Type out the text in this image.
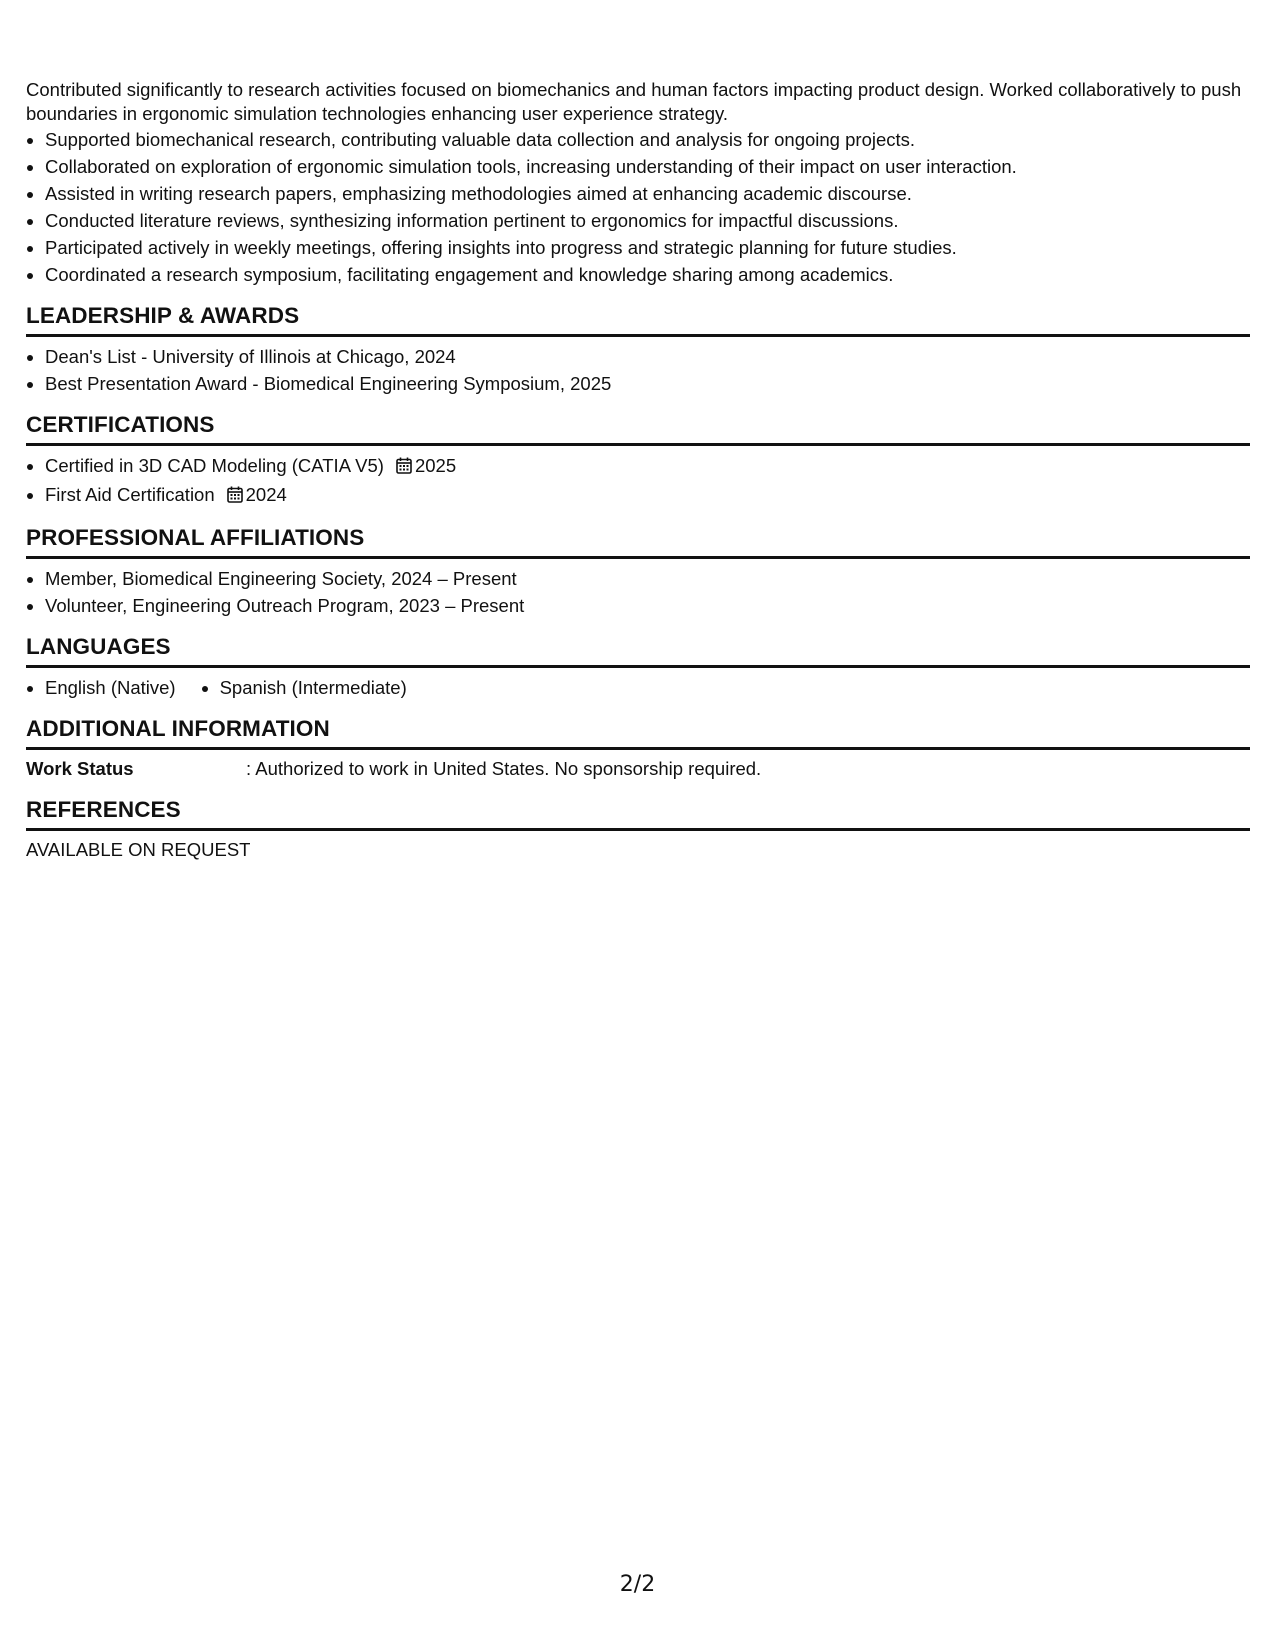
Contributed significantly to research activities focused on biomechanics and human factors impacting product design. Worked collaboratively to push boundaries in ergonomic simulation technologies enhancing user experience strategy.

• Supported biomechanical research, contributing valuable data collection and analysis for ongoing projects.
• Collaborated on exploration of ergonomic simulation tools, increasing understanding of their impact on user interaction.
• Assisted in writing research papers, emphasizing methodologies aimed at enhancing academic discourse.
• Conducted literature reviews, synthesizing information pertinent to ergonomics for impactful discussions.
• Participated actively in weekly meetings, offering insights into progress and strategic planning for future studies.
• Coordinated a research symposium, facilitating engagement and knowledge sharing among academics.
LEADERSHIP & AWARDS
• Dean's List - University of Illinois at Chicago, 2024
• Best Presentation Award - Biomedical Engineering Symposium, 2025
CERTIFICATIONS
• Certified in 3D CAD Modeling (CATIA V5) 2025
• First Aid Certification 2024
PROFESSIONAL AFFILIATIONS
• Member, Biomedical Engineering Society, 2024 – Present
• Volunteer, Engineering Outreach Program, 2023 – Present
LANGUAGES
• English (Native)
• Spanish (Intermediate)
ADDITIONAL INFORMATION
Work Status	: Authorized to work in United States. No sponsorship required.
REFERENCES

AVAILABLE ON REQUEST

2/2
